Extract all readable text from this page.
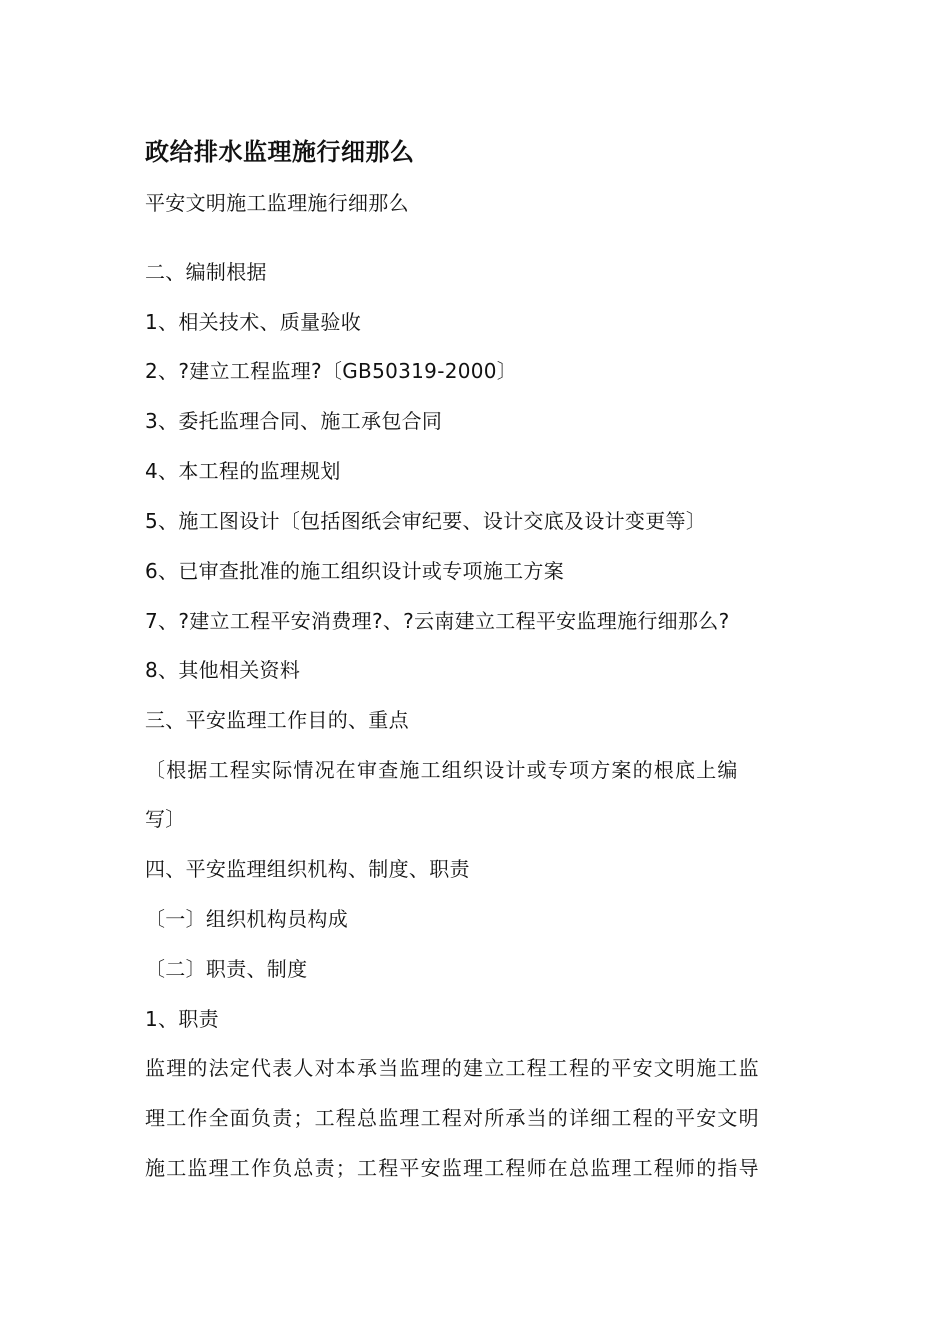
政给排水监理施行细那么
平安文明施工监理施行细那么
二、编制根据
1、相关技术、质量验收
2、?建立工程监理?〔GB50319-2000〕
3、委托监理合同、施工承包合同
4、本工程的监理规划
5、施工图设计〔包括图纸会审纪要、设计交底及设计变更等〕
6、已审查批准的施工组织设计或专项施工方案
7、?建立工程平安消费理?、?云南建立工程平安监理施行细那么?
8、其他相关资料
三、平安监理工作目的、重点
〔根据工程实际情况在审查施工组织设计或专项方案的根底上编
写〕
四、平安监理组织机构、制度、职责
〔一〕组织机构员构成
〔二〕职责、制度
1、职责
监理的法定代表人对本承当监理的建立工程工程的平安文明施工监
理工作全面负责；工程总监理工程对所承当的详细工程的平安文明
施工监理工作负总责；工程平安监理工程师在总监理工程师的指导
